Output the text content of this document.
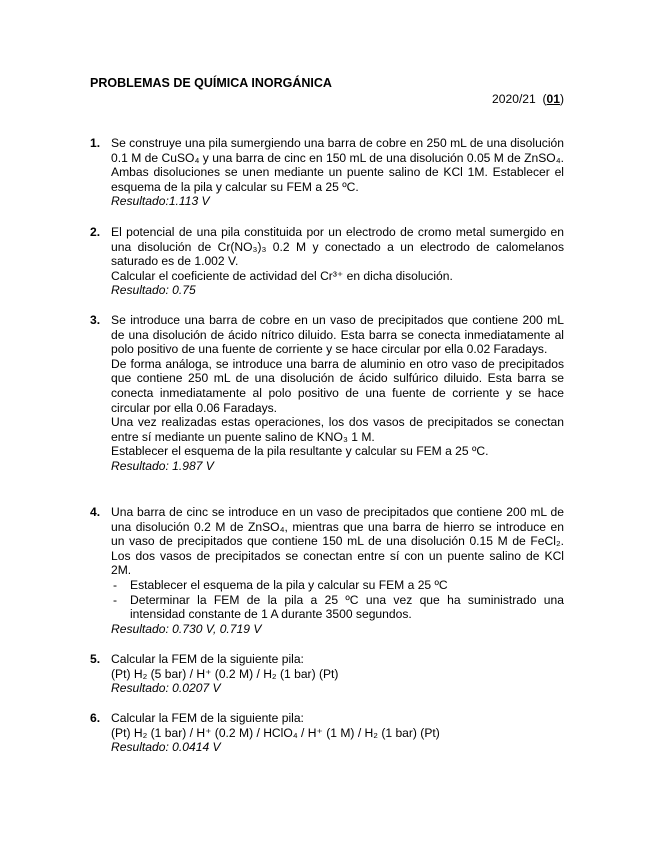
PROBLEMAS DE QUÍMICA INORGÁNICA
2020/21  (01)
1. Se construye una pila sumergiendo una barra de cobre en 250 mL de una disolución 0.1 M de CuSO₄ y una barra de cinc en 150 mL de una disolución 0.05 M de ZnSO₄. Ambas disoluciones se unen mediante un puente salino de KCl 1M. Establecer el esquema de la pila y calcular su FEM a 25 ºC.

Resultado:1.113 V

2. El potencial de una pila constituida por un electrodo de cromo metal sumergido en una disolución de Cr(NO₃)₃ 0.2 M y conectado a un electrodo de calomelanos saturado es de 1.002 V.

Calcular el coeficiente de actividad del Cr³⁺ en dicha disolución.

Resultado: 0.75

3. Se introduce una barra de cobre en un vaso de precipitados que contiene 200 mL de una disolución de ácido nítrico diluido. Esta barra se conecta inmediatamente al polo positivo de una fuente de corriente y se hace circular por ella 0.02 Faradays.

De forma análoga, se introduce una barra de aluminio en otro vaso de precipitados que contiene 250 mL de una disolución de ácido sulfúrico diluido. Esta barra se conecta inmediatamente al polo positivo de una fuente de corriente y se hace circular por ella 0.06 Faradays.

Una vez realizadas estas operaciones, los dos vasos de precipitados se conectan entre sí mediante un puente salino de KNO₃ 1 M.

Establecer el esquema de la pila resultante y calcular su FEM a 25 ºC.

Resultado: 1.987 V

4. Una barra de cinc se introduce en un vaso de precipitados que contiene 200 mL de una disolución 0.2 M de ZnSO₄, mientras que una barra de hierro se introduce en un vaso de precipitados que contiene 150 mL de una disolución 0.15 M de FeCl₂. Los dos vasos de precipitados se conectan entre sí con un puente salino de KCl 2M.

- Establecer el esquema de la pila y calcular su FEM a 25 ºC
- Determinar la FEM de la pila a 25 ºC una vez que ha suministrado una intensidad constante de 1 A durante 3500 segundos.

Resultado: 0.730 V, 0.719 V

5. Calcular la FEM de la siguiente pila:

(Pt) H₂ (5 bar) / H⁺ (0.2 M) / H₂ (1 bar) (Pt)

Resultado: 0.0207 V

6. Calcular la FEM de la siguiente pila:

(Pt) H₂ (1 bar) / H⁺ (0.2 M) / HClO₄ / H⁺ (1 M) / H₂ (1 bar) (Pt)

Resultado: 0.0414 V
